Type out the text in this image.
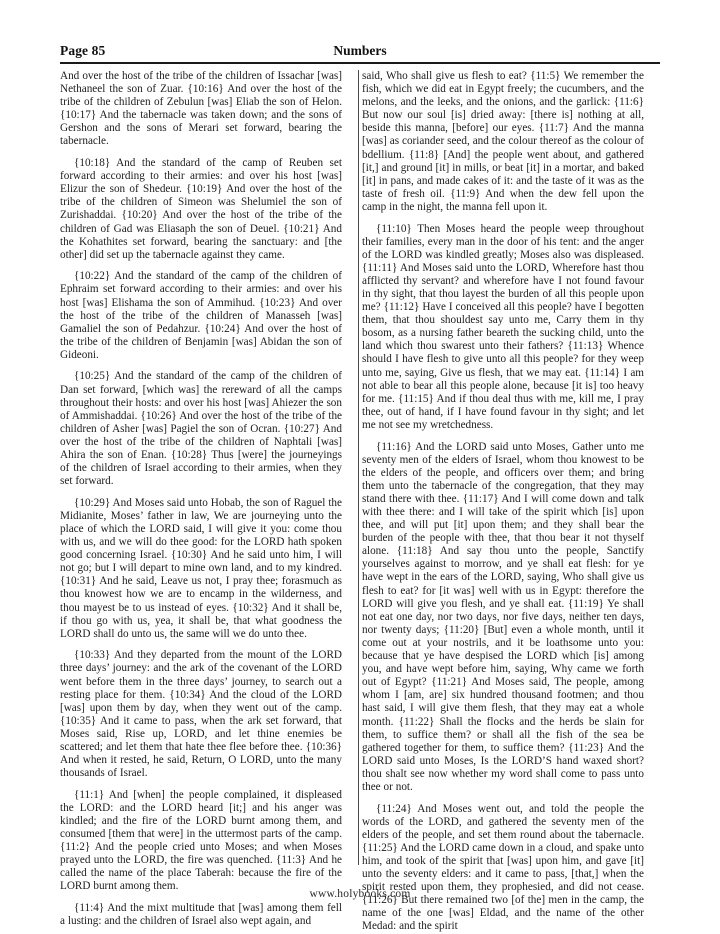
Page 85	Numbers

And over the host of the tribe of the children of Issachar [was] Nethaneel the son of Zuar. {10:16} And over the host of the tribe of the children of Zebulun [was] Eliab the son of Helon. {10:17} And the tabernacle was taken down; and the sons of Gershon and the sons of Merari set forward, bearing the tabernacle.

{10:18} And the standard of the camp of Reuben set forward according to their armies: and over his host [was] Elizur the son of Shedeur. {10:19} And over the host of the tribe of the children of Simeon was Shelumiel the son of Zurishaddai. {10:20} And over the host of the tribe of the children of Gad was Eliasaph the son of Deuel. {10:21} And the Kohathites set forward, bearing the sanctuary: and [the other] did set up the tabernacle against they came.

{10:22} And the standard of the camp of the children of Ephraim set forward according to their armies: and over his host [was] Elishama the son of Ammihud. {10:23} And over the host of the tribe of the children of Manasseh [was] Gamaliel the son of Pedahzur. {10:24} And over the host of the tribe of the children of Benjamin [was] Abidan the son of Gideoni.

{10:25} And the standard of the camp of the children of Dan set forward, [which was] the rereward of all the camps throughout their hosts: and over his host [was] Ahiezer the son of Ammishaddai. {10:26} And over the host of the tribe of the children of Asher [was] Pagiel the son of Ocran. {10:27} And over the host of the tribe of the children of Naphtali [was] Ahira the son of Enan. {10:28} Thus [were] the journeyings of the children of Israel according to their armies, when they set forward.

{10:29} And Moses said unto Hobab, the son of Raguel the Midianite, Moses’ father in law, We are journeying unto the place of which the LORD said, I will give it you: come thou with us, and we will do thee good: for the LORD hath spoken good concerning Israel. {10:30} And he said unto him, I will not go; but I will depart to mine own land, and to my kindred. {10:31} And he said, Leave us not, I pray thee; forasmuch as thou knowest how we are to encamp in the wilderness, and thou mayest be to us instead of eyes. {10:32} And it shall be, if thou go with us, yea, it shall be, that what goodness the LORD shall do unto us, the same will we do unto thee.

{10:33} And they departed from the mount of the LORD three days’ journey: and the ark of the covenant of the LORD went before them in the three days’ journey, to search out a resting place for them. {10:34} And the cloud of the LORD [was] upon them by day, when they went out of the camp. {10:35} And it came to pass, when the ark set forward, that Moses said, Rise up, LORD, and let thine enemies be scattered; and let them that hate thee flee before thee. {10:36} And when it rested, he said, Return, O LORD, unto the many thousands of Israel.

{11:1} And [when] the people complained, it displeased the LORD: and the LORD heard [it;] and his anger was kindled; and the fire of the LORD burnt among them, and consumed [them that were] in the uttermost parts of the camp. {11:2} And the people cried unto Moses; and when Moses prayed unto the LORD, the fire was quenched. {11:3} And he called the name of the place Taberah: because the fire of the LORD burnt among them.

{11:4} And the mixt multitude that [was] among them fell a lusting: and the children of Israel also wept again, and

said, Who shall give us flesh to eat? {11:5} We remember the fish, which we did eat in Egypt freely; the cucumbers, and the melons, and the leeks, and the onions, and the garlick: {11:6} But now our soul [is] dried away: [there is] nothing at all, beside this manna, [before] our eyes. {11:7} And the manna [was] as coriander seed, and the colour thereof as the colour of bdellium. {11:8} [And] the people went about, and gathered [it,] and ground [it] in mills, or beat [it] in a mortar, and baked [it] in pans, and made cakes of it: and the taste of it was as the taste of fresh oil. {11:9} And when the dew fell upon the camp in the night, the manna fell upon it.

{11:10} Then Moses heard the people weep throughout their families, every man in the door of his tent: and the anger of the LORD was kindled greatly; Moses also was displeased. {11:11} And Moses said unto the LORD, Wherefore hast thou afflicted thy servant? and wherefore have I not found favour in thy sight, that thou layest the burden of all this people upon me? {11:12} Have I conceived all this people? have I begotten them, that thou shouldest say unto me, Carry them in thy bosom, as a nursing father beareth the sucking child, unto the land which thou swarest unto their fathers? {11:13} Whence should I have flesh to give unto all this people? for they weep unto me, saying, Give us flesh, that we may eat. {11:14} I am not able to bear all this people alone, because [it is] too heavy for me. {11:15} And if thou deal thus with me, kill me, I pray thee, out of hand, if I have found favour in thy sight; and let me not see my wretchedness.

{11:16} And the LORD said unto Moses, Gather unto me seventy men of the elders of Israel, whom thou knowest to be the elders of the people, and officers over them; and bring them unto the tabernacle of the congregation, that they may stand there with thee. {11:17} And I will come down and talk with thee there: and I will take of the spirit which [is] upon thee, and will put [it] upon them; and they shall bear the burden of the people with thee, that thou bear it not thyself alone. {11:18} And say thou unto the people, Sanctify yourselves against to morrow, and ye shall eat flesh: for ye have wept in the ears of the LORD, saying, Who shall give us flesh to eat? for [it was] well with us in Egypt: therefore the LORD will give you flesh, and ye shall eat. {11:19} Ye shall not eat one day, nor two days, nor five days, neither ten days, nor twenty days; {11:20} [But] even a whole month, until it come out at your nostrils, and it be loathsome unto you: because that ye have despised the LORD which [is] among you, and have wept before him, saying, Why came we forth out of Egypt? {11:21} And Moses said, The people, among whom I [am, are] six hundred thousand footmen; and thou hast said, I will give them flesh, that they may eat a whole month. {11:22} Shall the flocks and the herds be slain for them, to suffice them? or shall all the fish of the sea be gathered together for them, to suffice them? {11:23} And the LORD said unto Moses, Is the LORD’S hand waxed short? thou shalt see now whether my word shall come to pass unto thee or not.

{11:24} And Moses went out, and told the people the words of the LORD, and gathered the seventy men of the elders of the people, and set them round about the tabernacle. {11:25} And the LORD came down in a cloud, and spake unto him, and took of the spirit that [was] upon him, and gave [it] unto the seventy elders: and it came to pass, [that,] when the spirit rested upon them, they prophesied, and did not cease. {11:26} But there remained two [of the] men in the camp, the name of the one [was] Eldad, and the name of the other Medad: and the spirit

www.holybooks.com
